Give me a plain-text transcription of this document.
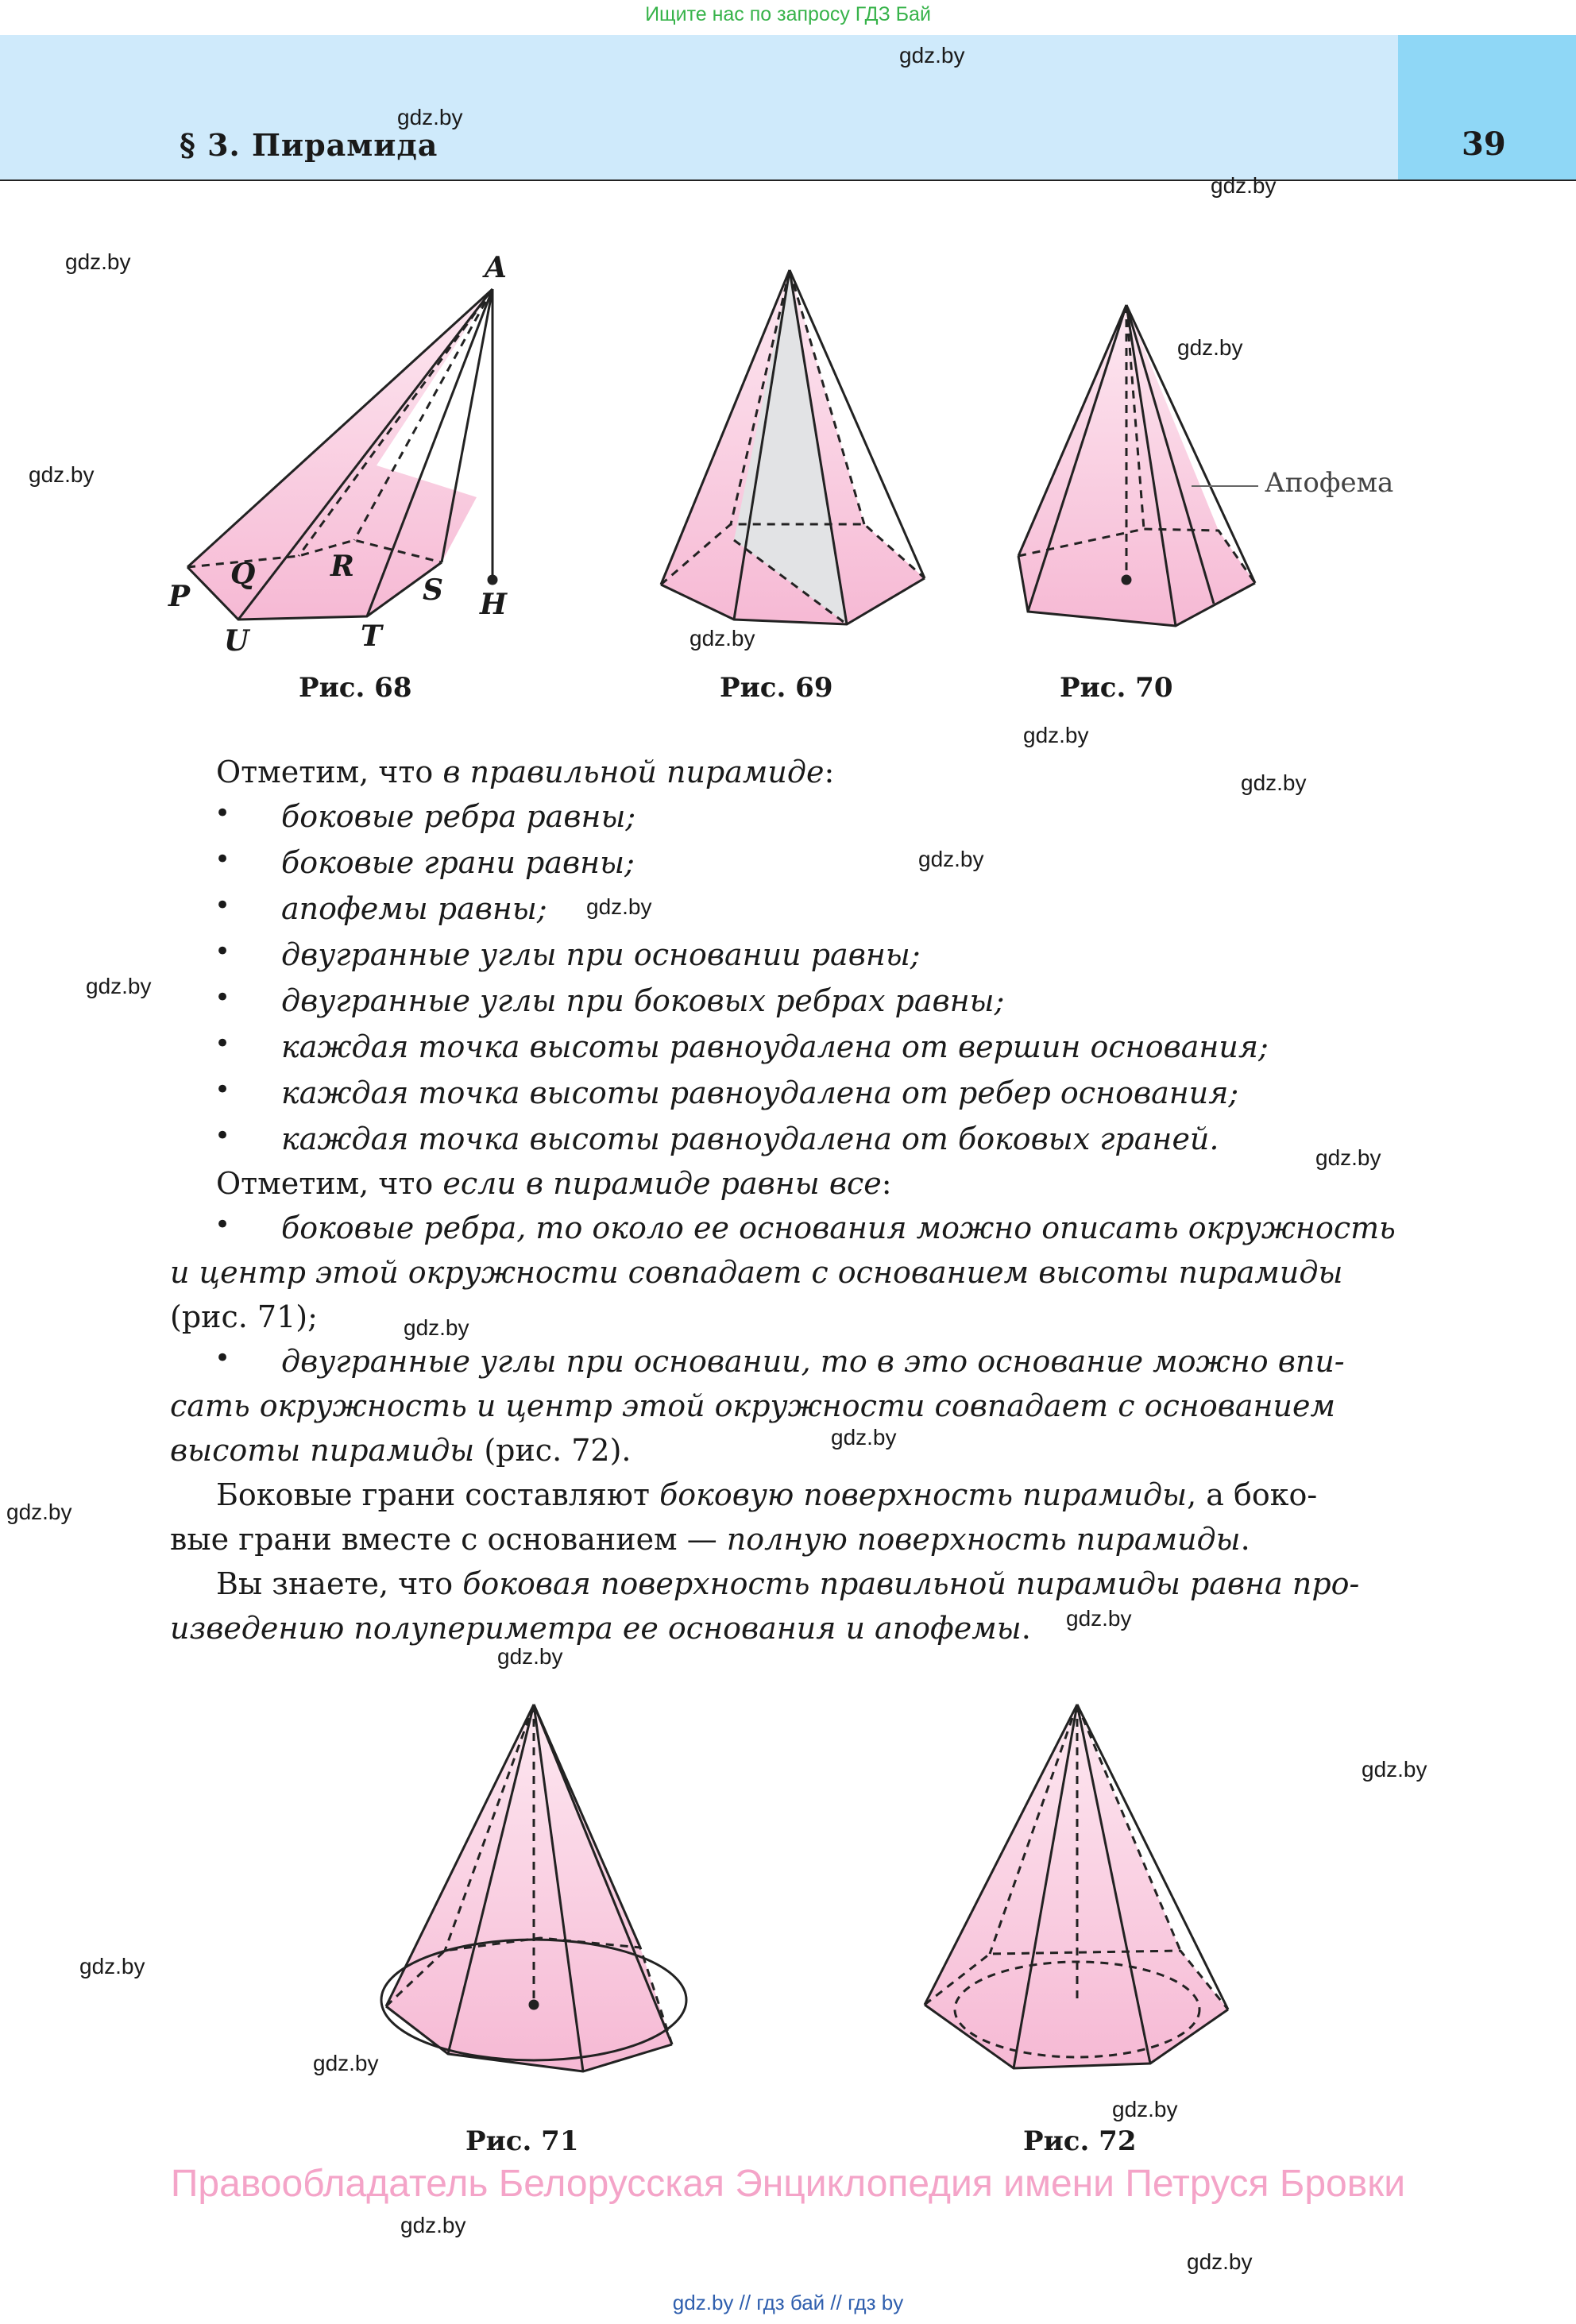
Ищите нас по запросу ГДЗ Бай
§ 3. Пирамида	39
gdz.by
gdz.by
gdz.by
gdz.by
gdz.by
gdz.by
gdz.by
gdz.by
gdz.by
gdz.by
gdz.by
gdz.by
gdz.by
gdz.by
gdz.by
gdz.by
gdz.by
gdz.by
gdz.by
gdz.by
gdz.by
gdz.by
gdz.by
gdz.by
A
P
Q	R
S H
U	T
Апофема
Рис. 68	Рис. 69	Рис. 70
Рис. 71	Рис. 72
Отметим, что в правильной пирамиде:
• боковые ребра равны;
• боковые грани равны;
• апофемы равны;
• двугранные углы при основании равны;
• двугранные углы при боковых ребрах равны;
• каждая точка высоты равноудалена от вершин основания;
• каждая точка высоты равноудалена от ребер основания;
• каждая точка высоты равноудалена от боковых граней.
Отметим, что если в пирамиде равны все:
• боковые ребра, то около ее основания можно описать окружность
и центр этой окружности совпадает с основанием высоты пирамиды
(рис. 71);
• двугранные углы при основании, то в это основание можно впи-
сать окружность и центр этой окружности совпадает с основанием
высоты пирамиды (рис. 72).
Боковые грани составляют боковую поверхность пирамиды, а боко-
вые грани вместе с основанием — полную поверхность пирамиды.
Вы знаете, что боковая поверхность правильной пирамиды равна про-
изведению полупериметра ее основания и апофемы.
Правообладатель Белорусская Энциклопедия имени Петруся Бровки
gdz.by // гдз бай // гдз by
